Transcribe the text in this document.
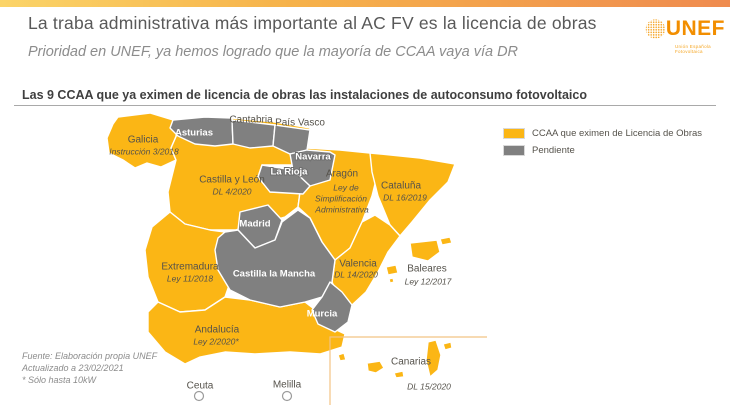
La traba administrativa más importante al AC FV es la licencia de obras
Prioridad en UNEF, ya hemos logrado que la mayoría de CCAA vaya vía DR
UNEF
Unión Española Fotovoltaica
Las 9 CCAA que ya eximen de licencia de obras las instalaciones de autoconsumo fotovoltaico
Galicia
Instrucción 3/2018
Asturias
Cantabria País Vasco
Navarra
La Rioja
Castilla y León
DL 4/2020
Aragón
Ley de
Simplificación
Administrativa
Cataluña
DL 16/2019
Madrid
Castilla la Mancha
Extremadura
Ley 11/2018
Valencia
DL 14/2020
Murcia
Andalucía
Ley 2/2020*
Baleares
Ley 12/2017
Canarias
DL 15/2020
Ceuta	Melilla
CCAA que eximen de Licencia de Obras
Pendiente
Fuente: Elaboración propia UNEF
Actualizado a 23/02/2021
* Sólo hasta 10kW
